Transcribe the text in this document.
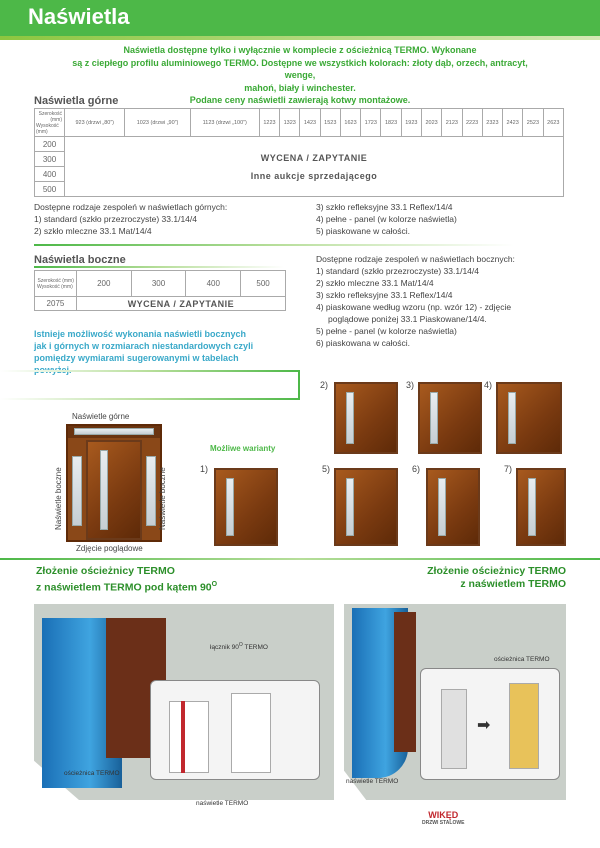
Naświetla
Naświetla dostępne tylko i wyłącznie w komplecie z ościeżnicą TERMO. Wykonane
są z ciepłego profilu aluminiowego TERMO. Dostępne we wszystkich kolorach: złoty dąb, orzech, antracyt, wenge,
mahoń, biały i winchester.
Podane ceny naświetli zawierają kotwy montażowe.
Naświetla górne
Szerokość (mm)
Wysokość (mm)	923 (drzwi „80”)	1023 (drzwi „90”)	1123 (drzwi „100”)	1223	1323	1423	1523	1623	1723	1823	1923	2023	2123	2223	2323	2423	2523	2623
200	WYCENA / ZAPYTANIE
Inne aukcje sprzedającego																	

300																		
400																		
500																		
Dostępne rodzaje zespoleń w naświetlach górnych:
1) standard (szkło przezroczyste) 33.1/14/4
2) szkło mleczne 33.1 Mat/14/4
3) szkło refleksyjne 33.1 Reflex/14/4
4) pełne - panel (w kolorze naświetla)
5) piaskowane w całości.
Naświetla boczne
Szerokość (mm)
Wysokość (mm)	200	300	400	500
2075	WYCENA / ZAPYTANIE			
Dostępne rodzaje zespoleń w naświetlach bocznych:
1) standard (szkło przezroczyste) 33.1/14/4
2) szkło mleczne 33.1 Mat/14/4
3) szkło refleksyjne 33.1 Reflex/14/4
4) piaskowane według wzoru (np. wzór 12) - zdjęcie
poglądowe poniżej 33.1 Piaskowane/14/4.
5) pełne - panel (w kolorze naświetla)
6) piaskowana w całości.
Istnieje możliwość wykonania naświetli bocznych
jak i górnych w rozmiarach niestandardowych czyli
pomiędzy wymiarami sugerowanymi w tabelach
Naświetle górne
Naświetle boczne	Naświetle boczne
Zdjęcie poglądowe
Możliwe warianty
2)	3)	4)
1)	5)	6)	7)
Złożenie ościeżnicy TERMO
z naświetlem TERMO pod kątem $90^O$
Złożenie ościeżnicy TERMO
z naświetlem TERMO
łącznik $90^O$ TERMO
ościeżnica TERMO
naświetle TERMO
➡
ościeżnica TERMO
naświetle TERMO
WIKĘD
DRZWI STALOWE
